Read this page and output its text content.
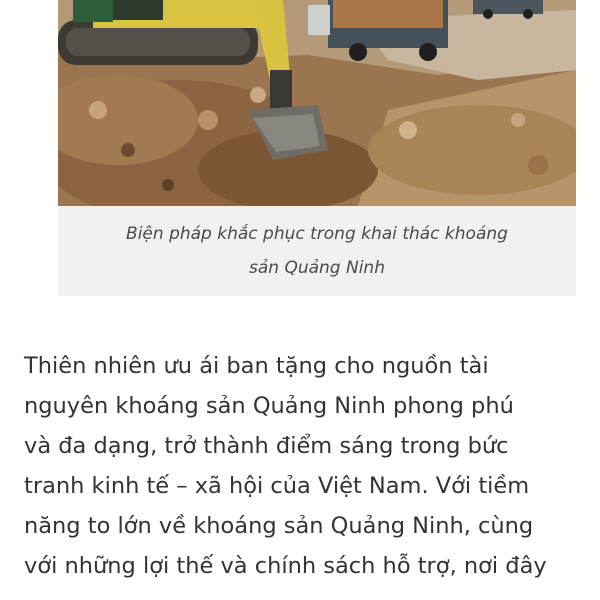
Biện pháp khắc phục trong khai thác khoáng
sản Quảng Ninh
Thiên nhiên ưu ái ban tặng cho nguồn tài
nguyên khoáng sản Quảng Ninh phong phú
và đa dạng, trở thành điểm sáng trong bức
tranh kinh tế – xã hội của Việt Nam. Với tiềm
năng to lớn về khoáng sản Quảng Ninh, cùng
với những lợi thế và chính sách hỗ trợ, nơi đây
